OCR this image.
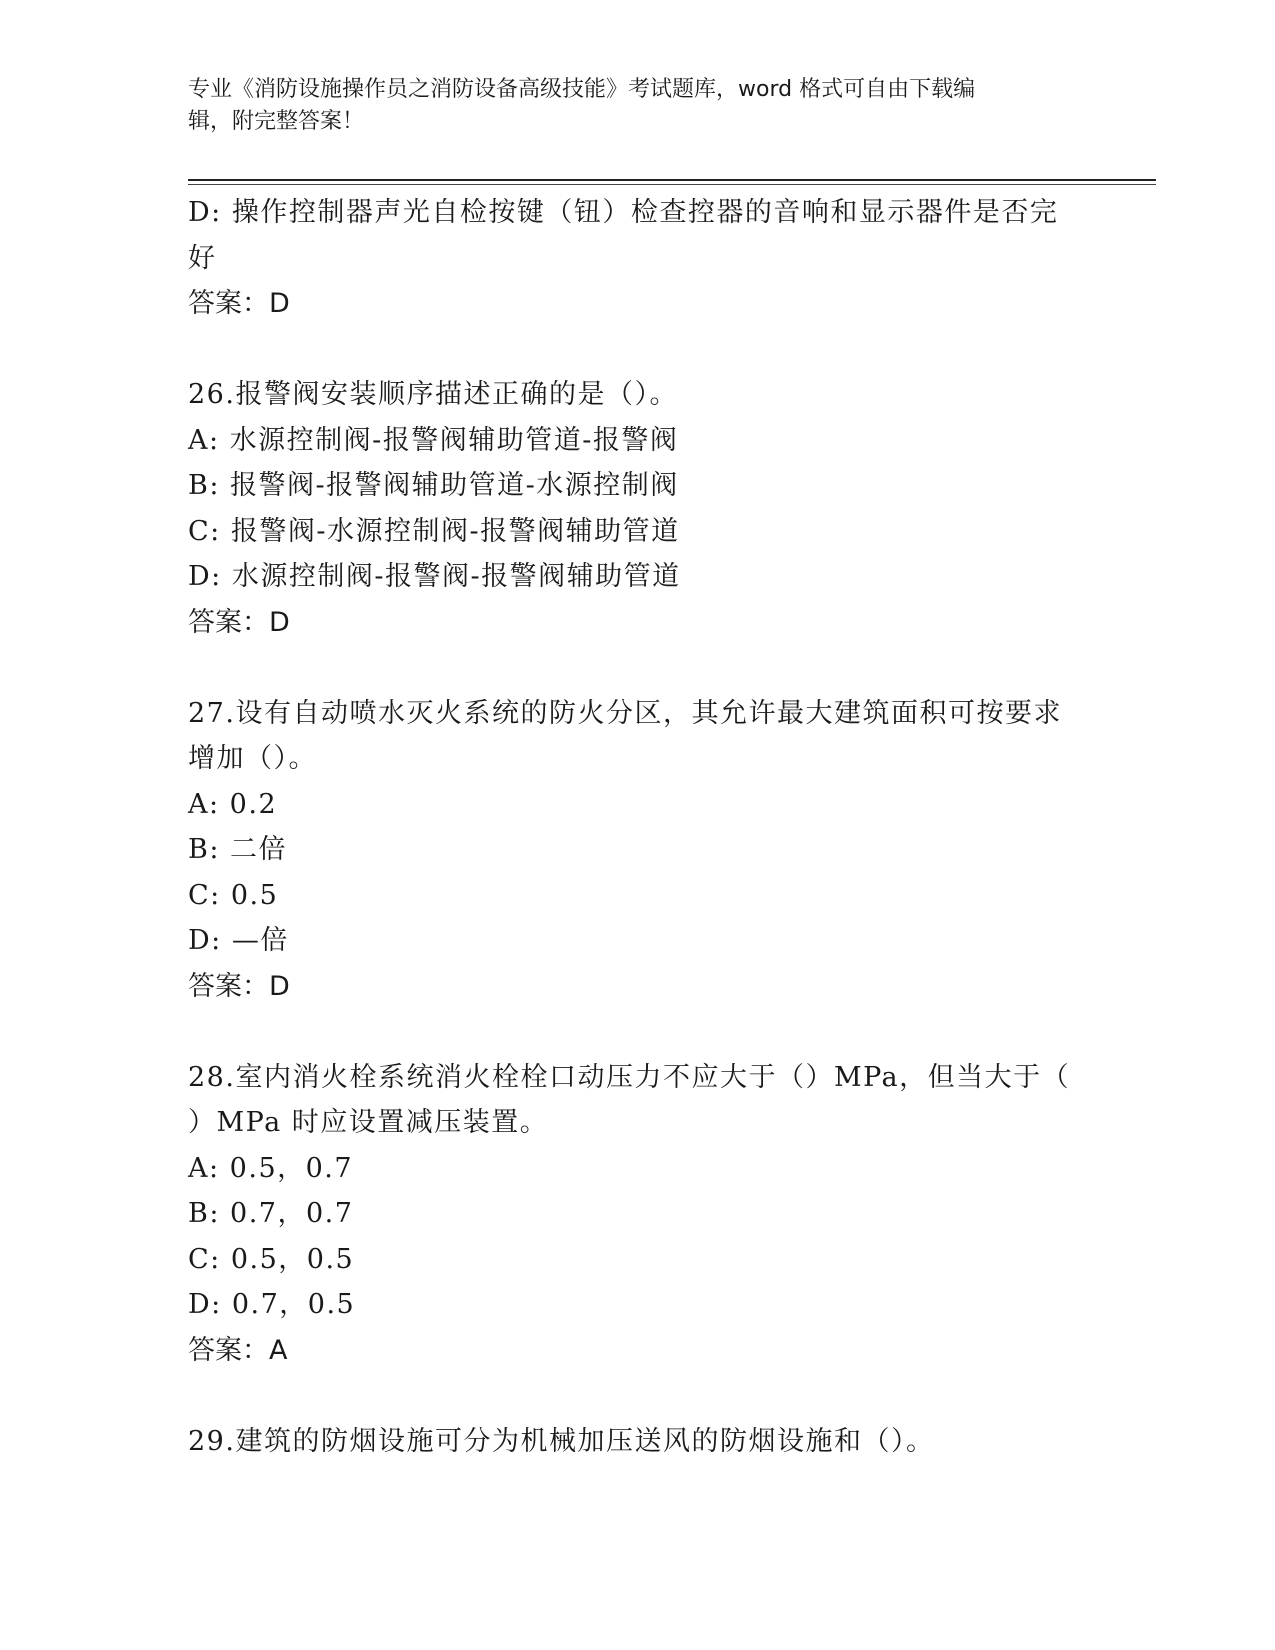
专业《消防设施操作员之消防设备高级技能》考试题库，word 格式可自由下载编
辑，附完整答案！
D: 操作控制器声光自检按键（钮）检查控器的音响和显示器件是否完
好
答案：D
26.报警阀安装顺序描述正确的是（）。
A: 水源控制阀-报警阀辅助管道-报警阀
B: 报警阀-报警阀辅助管道-水源控制阀
C: 报警阀-水源控制阀-报警阀辅助管道
D: 水源控制阀-报警阀-报警阀辅助管道
答案：D
27.设有自动喷水灭火系统的防火分区，其允许最大建筑面积可按要求
增加（）。
A: 0.2
B: 二倍
C: 0.5
D: —倍
答案：D
28.室内消火栓系统消火栓栓口动压力不应大于（）MPa，但当大于（
）MPa 时应设置减压装置。
A: 0.5，0.7
B: 0.7，0.7
C: 0.5，0.5
D: 0.7，0.5
答案：A
29.建筑的防烟设施可分为机械加压送风的防烟设施和（）。
